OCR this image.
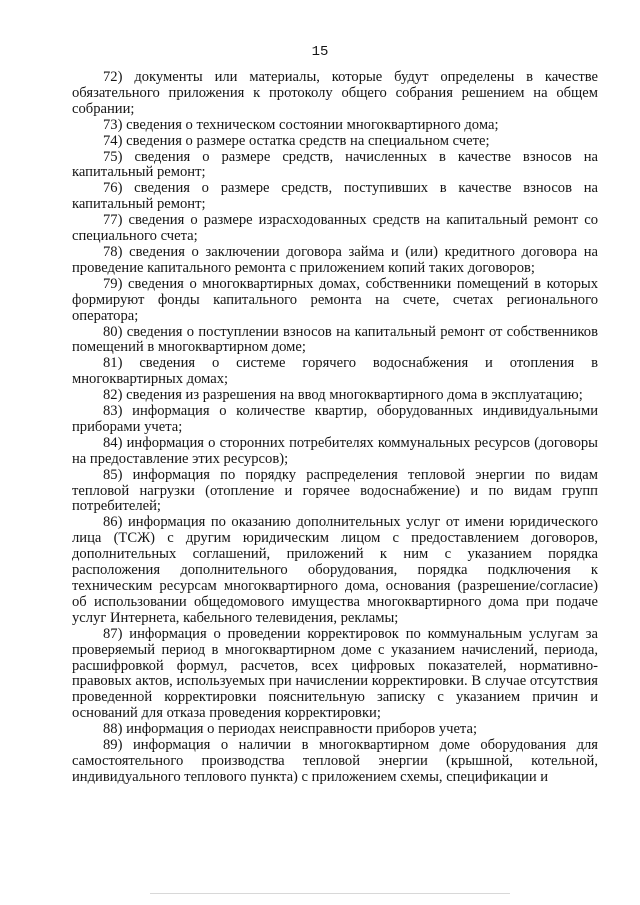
15

72) документы или материалы, которые будут определены в качестве обязательного приложения к протоколу общего собрания решением на общем собрании;

73) сведения о техническом состоянии многоквартирного дома;

74) сведения о размере остатка средств на специальном счете;

75) сведения о размере средств, начисленных в качестве взносов на капитальный ремонт;

76) сведения о размере средств, поступивших в качестве взносов на капитальный ремонт;

77) сведения о размере израсходованных средств на капитальный ремонт со специального счета;

78) сведения о заключении договора займа и (или) кредитного договора на проведение капитального ремонта с приложением копий таких договоров;

79) сведения о многоквартирных домах, собственники помещений в которых формируют фонды капитального ремонта на счете, счетах регионального оператора;

80) сведения о поступлении взносов на капитальный ремонт от собственников помещений в многоквартирном доме;

81) сведения о системе горячего водоснабжения и отопления в многоквартирных домах;

82) сведения из разрешения на ввод многоквартирного дома в эксплуатацию;

83) информация о количестве квартир, оборудованных индивидуальными приборами учета;

84) информация о сторонних потребителях коммунальных ресурсов (договоры на предоставление этих ресурсов);

85) информация по порядку распределения тепловой энергии по видам тепловой нагрузки (отопление и горячее водоснабжение) и по видам групп потребителей;

86) информация по оказанию дополнительных услуг от имени юридического лица (ТСЖ) с другим юридическим лицом с предоставлением договоров, дополнительных соглашений, приложений к ним с указанием порядка расположения дополнительного оборудования, порядка подключения к техническим ресурсам многоквартирного дома, основания (разрешение/согласие) об использовании общедомового имущества многоквартирного дома при подаче услуг Интернета, кабельного телевидения, рекламы;

87) информация о проведении корректировок по коммунальным услугам за проверяемый период в многоквартирном доме с указанием начислений, периода, расшифровкой формул, расчетов, всех цифровых показателей, нормативно-правовых актов, используемых при начислении корректировки. В случае отсутствия проведенной корректировки пояснительную записку с указанием причин и оснований для отказа проведения корректировки;

88) информация о периодах неисправности приборов учета;

89) информация о наличии в многоквартирном доме оборудования для самостоятельного производства тепловой энергии (крышной, котельной, индивидуального теплового пункта) с приложением схемы, спецификации и
